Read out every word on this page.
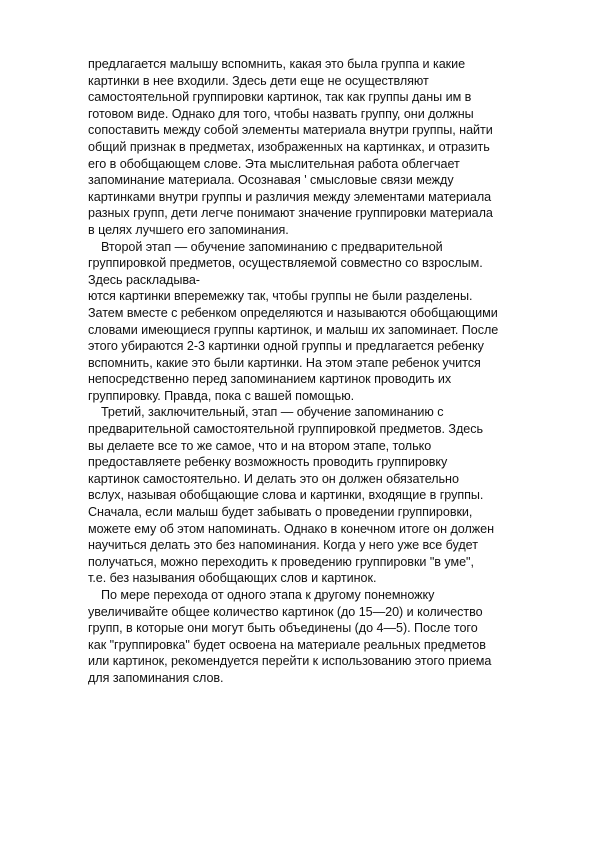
предлагается малышу вспомнить, какая это была группа и какие
картинки в нее входили. Здесь дети еще не осуществляют
самостоятельной группировки картинок, так как группы даны им в
готовом виде. Однако для того, чтобы назвать группу, они должны
сопоставить между собой элементы материала внутри группы, найти
общий признак в предметах, изображенных на картинках, и отразить
его в обобщающем слове. Эта мыслительная работа облегчает
запоминание материала. Осознавая ' смысловые связи между
картинками внутри группы и различия между элементами материала
разных групп, дети легче понимают значение группировки материала
в целях лучшего его запоминания.
Второй этап — обучение запоминанию с предварительной
группировкой предметов, осуществляемой совместно со взрослым.
Здесь раскладыва-
ются картинки вперемежку так, чтобы группы не были разделены.
Затем вместе с ребенком определяются и называются обобщающими
словами имеющиеся группы картинок, и малыш их запоминает. После
этого убираются 2-3 картинки одной группы и предлагается ребенку
вспомнить, какие это были картинки. На этом этапе ребенок учится
непосредственно перед запоминанием картинок проводить их
группировку. Правда, пока с вашей помощью.
Третий, заключительный, этап — обучение запоминанию с
предварительной самостоятельной группировкой предметов. Здесь
вы делаете все то же самое, что и на втором этапе, только
предоставляете ребенку возможность проводить группировку
картинок самостоятельно. И делать это он должен обязательно
вслух, называя обобщающие слова и картинки, входящие в группы.
Сначала, если малыш будет забывать о проведении группировки,
можете ему об этом напоминать. Однако в конечном итоге он должен
научиться делать это без напоминания. Когда у него уже все будет
получаться, можно переходить к проведению группировки "в уме",
т.е. без называния обобщающих слов и картинок.
По мере перехода от одного этапа к другому понемножку
увеличивайте общее количество картинок (до 15—20) и количество
групп, в которые они могут быть объединены (до 4—5). После того
как "группировка" будет освоена на материале реальных предметов
или картинок, рекомендуется перейти к использованию этого приема
для запоминания слов.
